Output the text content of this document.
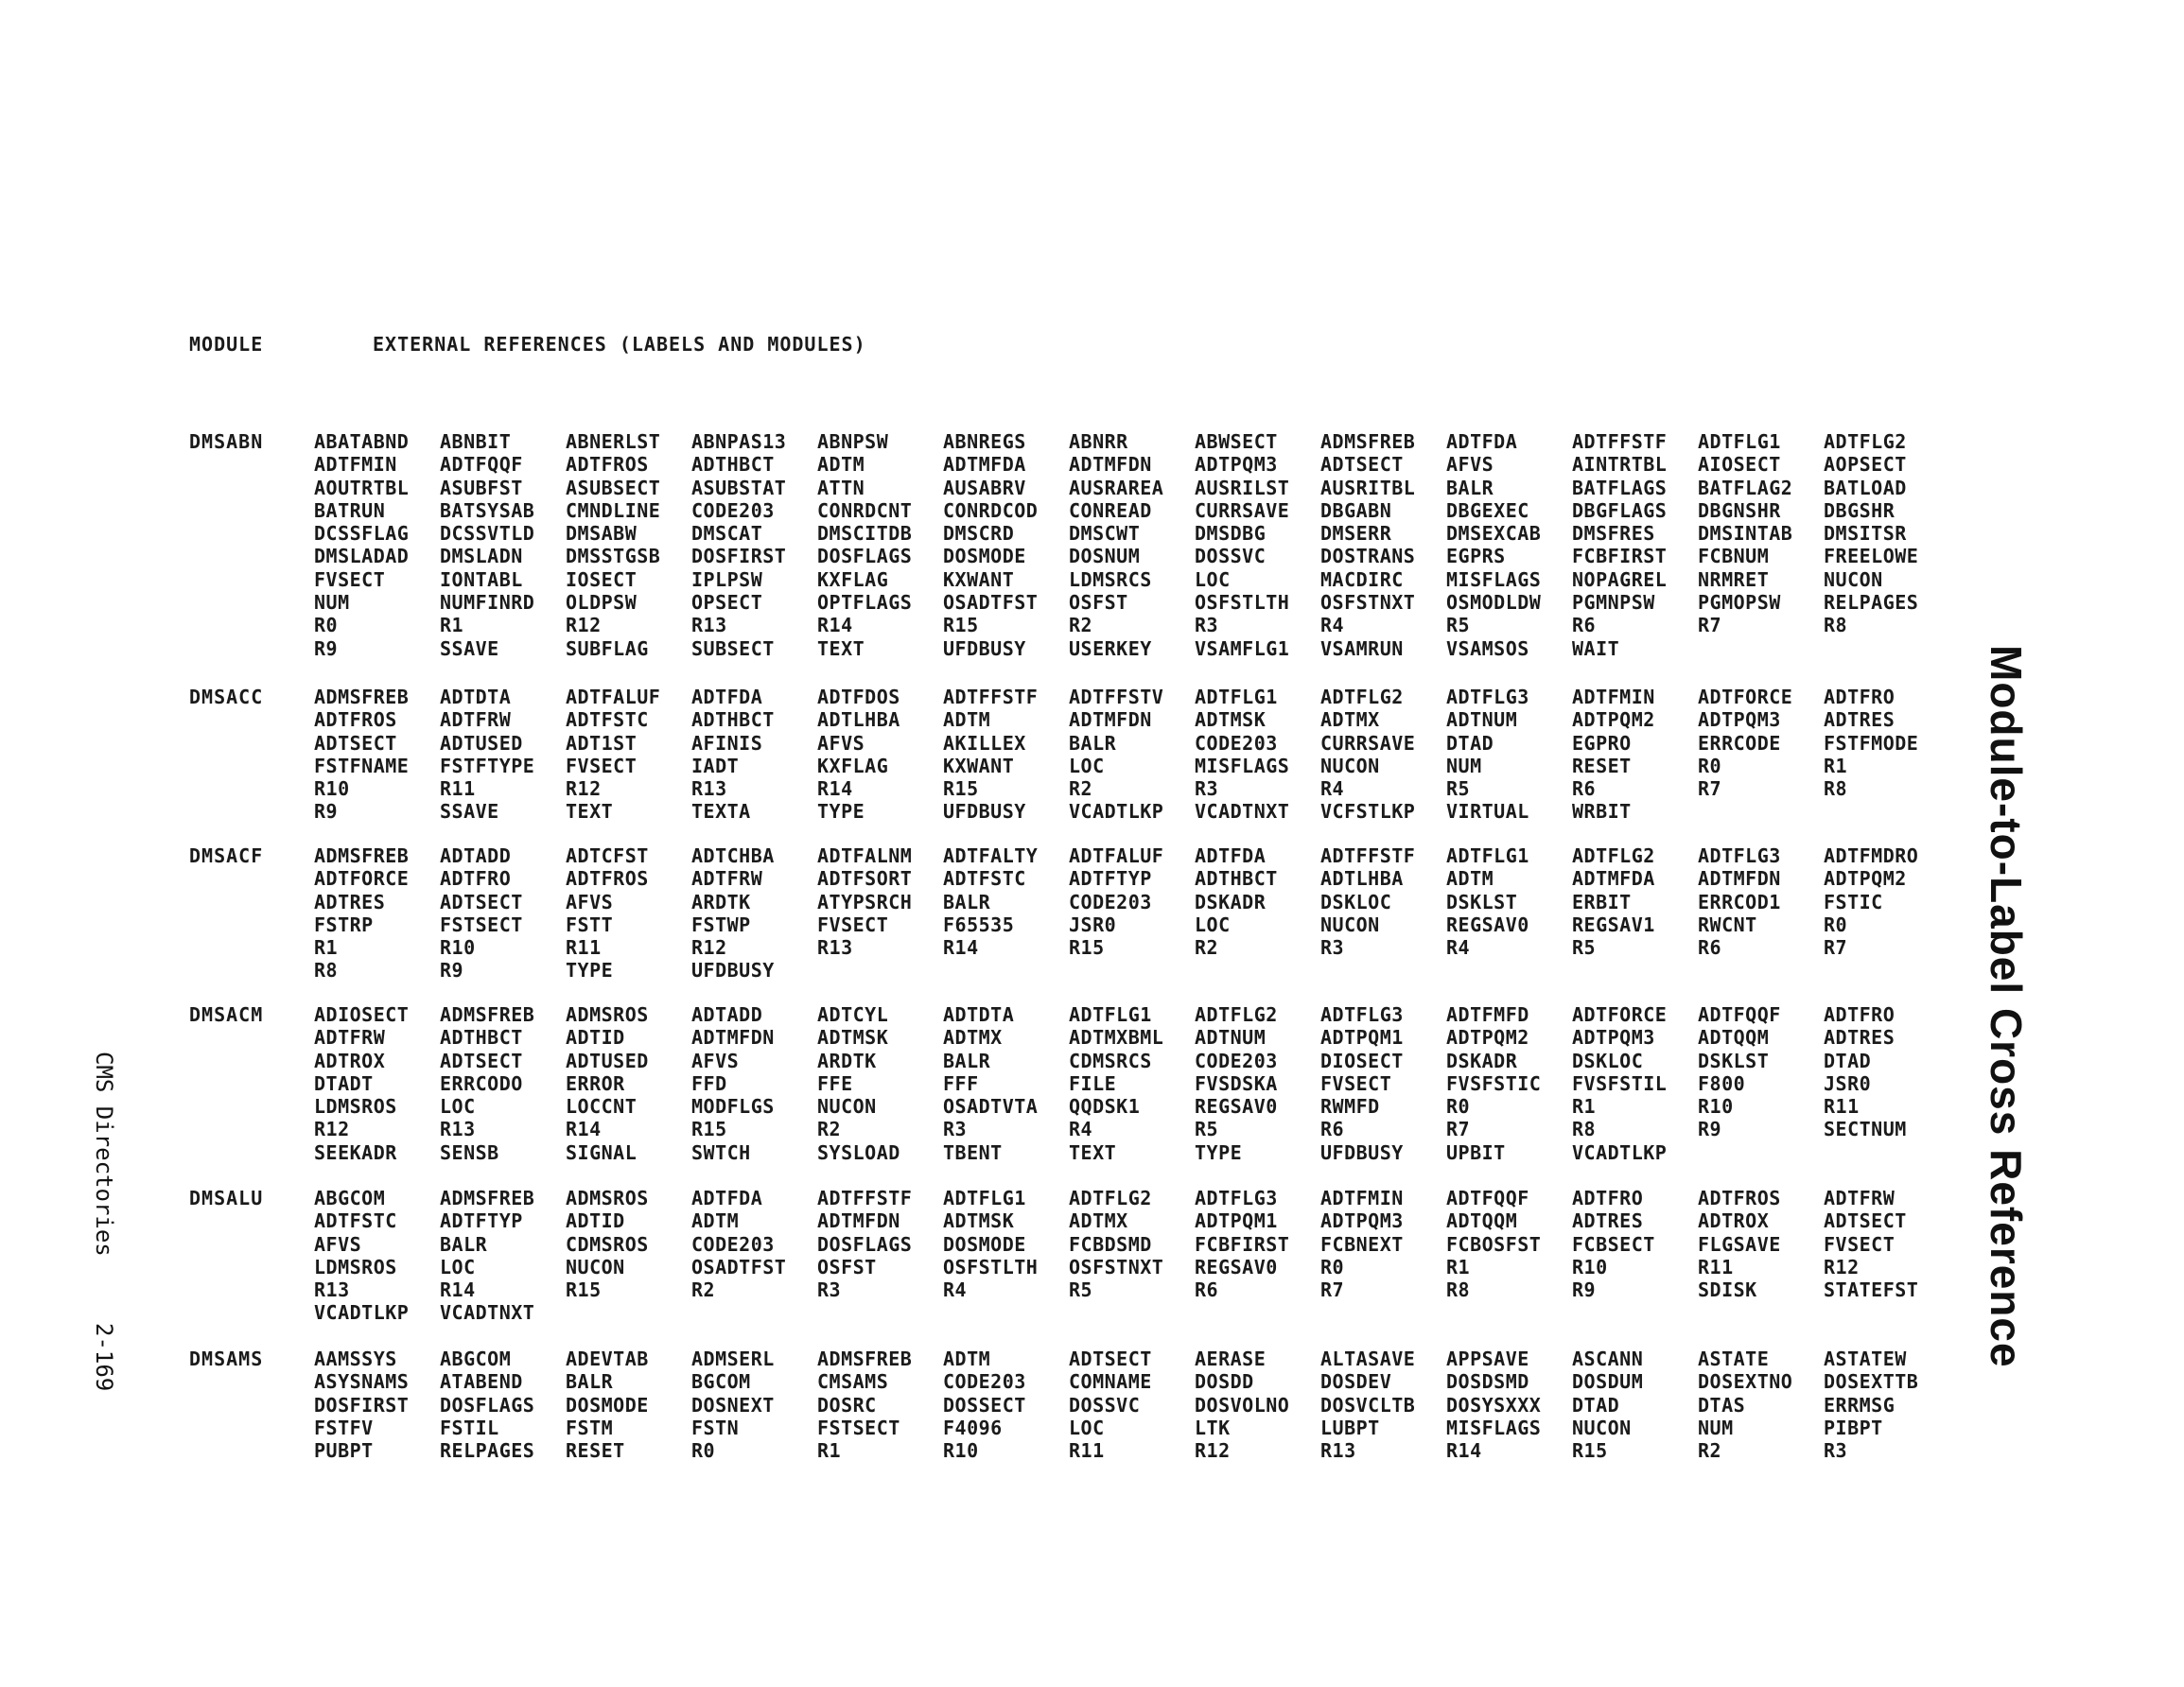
MODULE	EXTERNAL REFERENCES (LABELS AND MODULES)
DMSABN	ABATABND	ABNBIT	ABNERLST	ABNPAS13	ABNPSW	ABNREGS	ABNRR	ABWSECT	ADMSFREB	ADTFDA	ADTFFSTF	ADTFLG1	ADTFLG2
ADTFMIN	ADTFQQF	ADTFROS	ADTHBCT	ADTM	ADTMFDA	ADTMFDN	ADTPQM3	ADTSECT	AFVS	AINTRTBL	AIOSECT	AOPSECT
AOUTRTBL	ASUBFST	ASUBSECT	ASUBSTAT	ATTN	AUSABRV	AUSRAREA	AUSRILST	AUSRITBL	BALR	BATFLAGS	BATFLAG2	BATLOAD
BATRUN	BATSYSAB	CMNDLINE	CODE203	CONRDCNT	CONRDCOD	CONREAD	CURRSAVE	DBGABN	DBGEXEC	DBGFLAGS	DBGNSHR	DBGSHR
DCSSFLAG	DCSSVTLD	DMSABW	DMSCAT	DMSCITDB	DMSCRD	DMSCWT	DMSDBG	DMSERR	DMSEXCAB	DMSFRES	DMSINTAB	DMSITSR
DMSLADAD	DMSLADN	DMSSTGSB	DOSFIRST	DOSFLAGS	DOSMODE	DOSNUM	DOSSVC	DOSTRANS	EGPRS	FCBFIRST	FCBNUM	FREELOWE
FVSECT	IONTABL	IOSECT	IPLPSW	KXFLAG	KXWANT	LDMSRCS	LOC	MACDIRC	MISFLAGS	NOPAGREL	NRMRET	NUCON
NUM	NUMFINRD	OLDPSW	OPSECT	OPTFLAGS	OSADTFST	OSFST	OSFSTLTH	OSFSTNXT	OSMODLDW	PGMNPSW	PGMOPSW	RELPAGES
R0	R1	R12	R13	R14	R15	R2	R3	R4	R5	R6	R7	R8
R9	SSAVE	SUBFLAG	SUBSECT	TEXT	UFDBUSY	USERKEY	VSAMFLG1	VSAMRUN	VSAMSOS	WAIT
DMSACC	ADMSFREB	ADTDTA	ADTFALUF	ADTFDA	ADTFDOS	ADTFFSTF	ADTFFSTV	ADTFLG1	ADTFLG2	ADTFLG3	ADTFMIN	ADTFORCE	ADTFRO
ADTFROS	ADTFRW	ADTFSTC	ADTHBCT	ADTLHBA	ADTM	ADTMFDN	ADTMSK	ADTMX	ADTNUM	ADTPQM2	ADTPQM3	ADTRES
ADTSECT	ADTUSED	ADT1ST	AFINIS	AFVS	AKILLEX	BALR	CODE203	CURRSAVE	DTAD	EGPRO	ERRCODE	FSTFMODE
FSTFNAME	FSTFTYPE	FVSECT	IADT	KXFLAG	KXWANT	LOC	MISFLAGS	NUCON	NUM	RESET	R0	R1
R10	R11	R12	R13	R14	R15	R2	R3	R4	R5	R6	R7	R8
R9	SSAVE	TEXT	TEXTA	TYPE	UFDBUSY	VCADTLKP	VCADTNXT	VCFSTLKP	VIRTUAL	WRBIT
DMSACF	ADMSFREB	ADTADD	ADTCFST	ADTCHBA	ADTFALNM	ADTFALTY	ADTFALUF	ADTFDA	ADTFFSTF	ADTFLG1	ADTFLG2	ADTFLG3	ADTFMDRO
ADTFORCE	ADTFRO	ADTFROS	ADTFRW	ADTFSORT	ADTFSTC	ADTFTYP	ADTHBCT	ADTLHBA	ADTM	ADTMFDA	ADTMFDN	ADTPQM2
ADTRES	ADTSECT	AFVS	ARDTK	ATYPSRCH	BALR	CODE203	DSKADR	DSKLOC	DSKLST	ERBIT	ERRCOD1	FSTIC
FSTRP	FSTSECT	FSTT	FSTWP	FVSECT	F65535	JSR0	LOC	NUCON	REGSAV0	REGSAV1	RWCNT	R0
R1	R10	R11	R12	R13	R14	R15	R2	R3	R4	R5	R6	R7
R8	R9	TYPE	UFDBUSY
DMSACM	ADIOSECT	ADMSFREB	ADMSROS	ADTADD	ADTCYL	ADTDTA	ADTFLG1	ADTFLG2	ADTFLG3	ADTFMFD	ADTFORCE	ADTFQQF	ADTFRO
ADTFRW	ADTHBCT	ADTID	ADTMFDN	ADTMSK	ADTMX	ADTMXBML	ADTNUM	ADTPQM1	ADTPQM2	ADTPQM3	ADTQQM	ADTRES
ADTROX	ADTSECT	ADTUSED	AFVS	ARDTK	BALR	CDMSRCS	CODE203	DIOSECT	DSKADR	DSKLOC	DSKLST	DTAD
DTADT	ERRCODO	ERROR	FFD	FFE	FFF	FILE	FVSDSKA	FVSECT	FVSFSTIC	FVSFSTIL	F800	JSR0
LDMSROS	LOC	LOCCNT	MODFLGS	NUCON	OSADTVTA	QQDSK1	REGSAV0	RWMFD	R0	R1	R10	R11
R12	R13	R14	R15	R2	R3	R4	R5	R6	R7	R8	R9	SECTNUM
SEEKADR	SENSB	SIGNAL	SWTCH	SYSLOAD	TBENT	TEXT	TYPE	UFDBUSY	UPBIT	VCADTLKP
DMSALU	ABGCOM	ADMSFREB	ADMSROS	ADTFDA	ADTFFSTF	ADTFLG1	ADTFLG2	ADTFLG3	ADTFMIN	ADTFQQF	ADTFRO	ADTFROS	ADTFRW
ADTFSTC	ADTFTYP	ADTID	ADTM	ADTMFDN	ADTMSK	ADTMX	ADTPQM1	ADTPQM3	ADTQQM	ADTRES	ADTROX	ADTSECT
AFVS	BALR	CDMSROS	CODE203	DOSFLAGS	DOSMODE	FCBDSMD	FCBFIRST	FCBNEXT	FCBOSFST	FCBSECT	FLGSAVE	FVSECT
LDMSROS	LOC	NUCON	OSADTFST	OSFST	OSFSTLTH	OSFSTNXT	REGSAV0	R0	R1	R10	R11	R12
R13	R14	R15	R2	R3	R4	R5	R6	R7	R8	R9	SDISK	STATEFST
VCADTLKP	VCADTNXT
DMSAMS	AAMSSYS	ABGCOM	ADEVTAB	ADMSERL	ADMSFREB	ADTM	ADTSECT	AERASE	ALTASAVE	APPSAVE	ASCANN	ASTATE	ASTATEW
ASYSNAMS	ATABEND	BALR	BGCOM	CMSAMS	CODE203	COMNAME	DOSDD	DOSDEV	DOSDSMD	DOSDUM	DOSEXTNO	DOSEXTTB
DOSFIRST	DOSFLAGS	DOSMODE	DOSNEXT	DOSRC	DOSSECT	DOSSVC	DOSVOLNO	DOSVCLTB	DOSYSXXX	DTAD	DTAS	ERRMSG
FSTFV	FSTIL	FSTM	FSTN	FSTSECT	F4096	LOC	LTK	LUBPT	MISFLAGS	NUCON	NUM	PIBPT
PUBPT	RELPAGES	RESET	R0	R1	R10	R11	R12	R13	R14	R15	R2	R3
Module-to-Label Cross Reference
CMS Directories
2-169
